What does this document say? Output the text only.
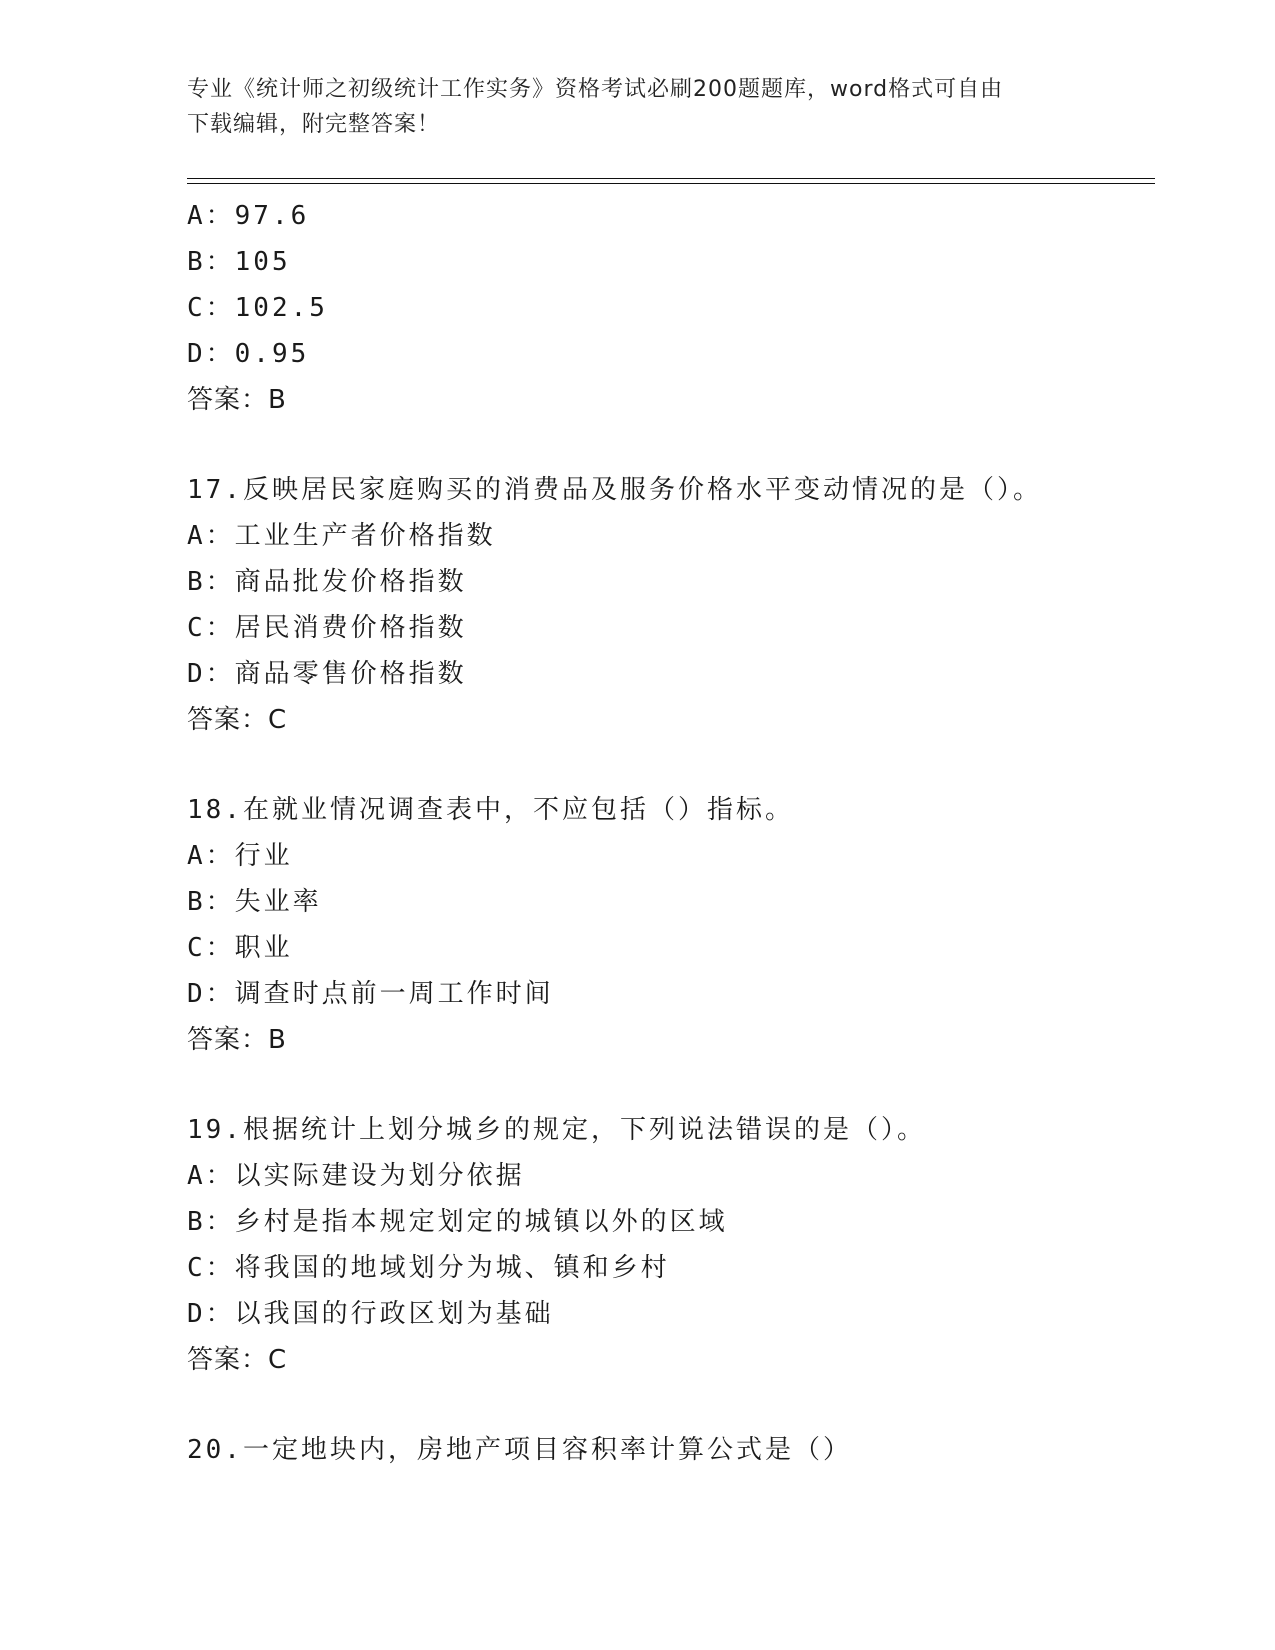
专业《统计师之初级统计工作实务》资格考试必刷200题题库，word格式可自由
下载编辑，附完整答案！
A：97.6
B：105
C：102.5
D：0.95
答案：B
17.反映居民家庭购买的消费品及服务价格水平变动情况的是（）。
A：工业生产者价格指数
B：商品批发价格指数
C：居民消费价格指数
D：商品零售价格指数
答案：C
18.在就业情况调查表中，不应包括（）指标。
A：行业
B：失业率
C：职业
D：调查时点前一周工作时间
答案：B
19.根据统计上划分城乡的规定，下列说法错误的是（）。
A：以实际建设为划分依据
B：乡村是指本规定划定的城镇以外的区域
C：将我国的地域划分为城、镇和乡村
D：以我国的行政区划为基础
答案：C
20.一定地块内，房地产项目容积率计算公式是（）
